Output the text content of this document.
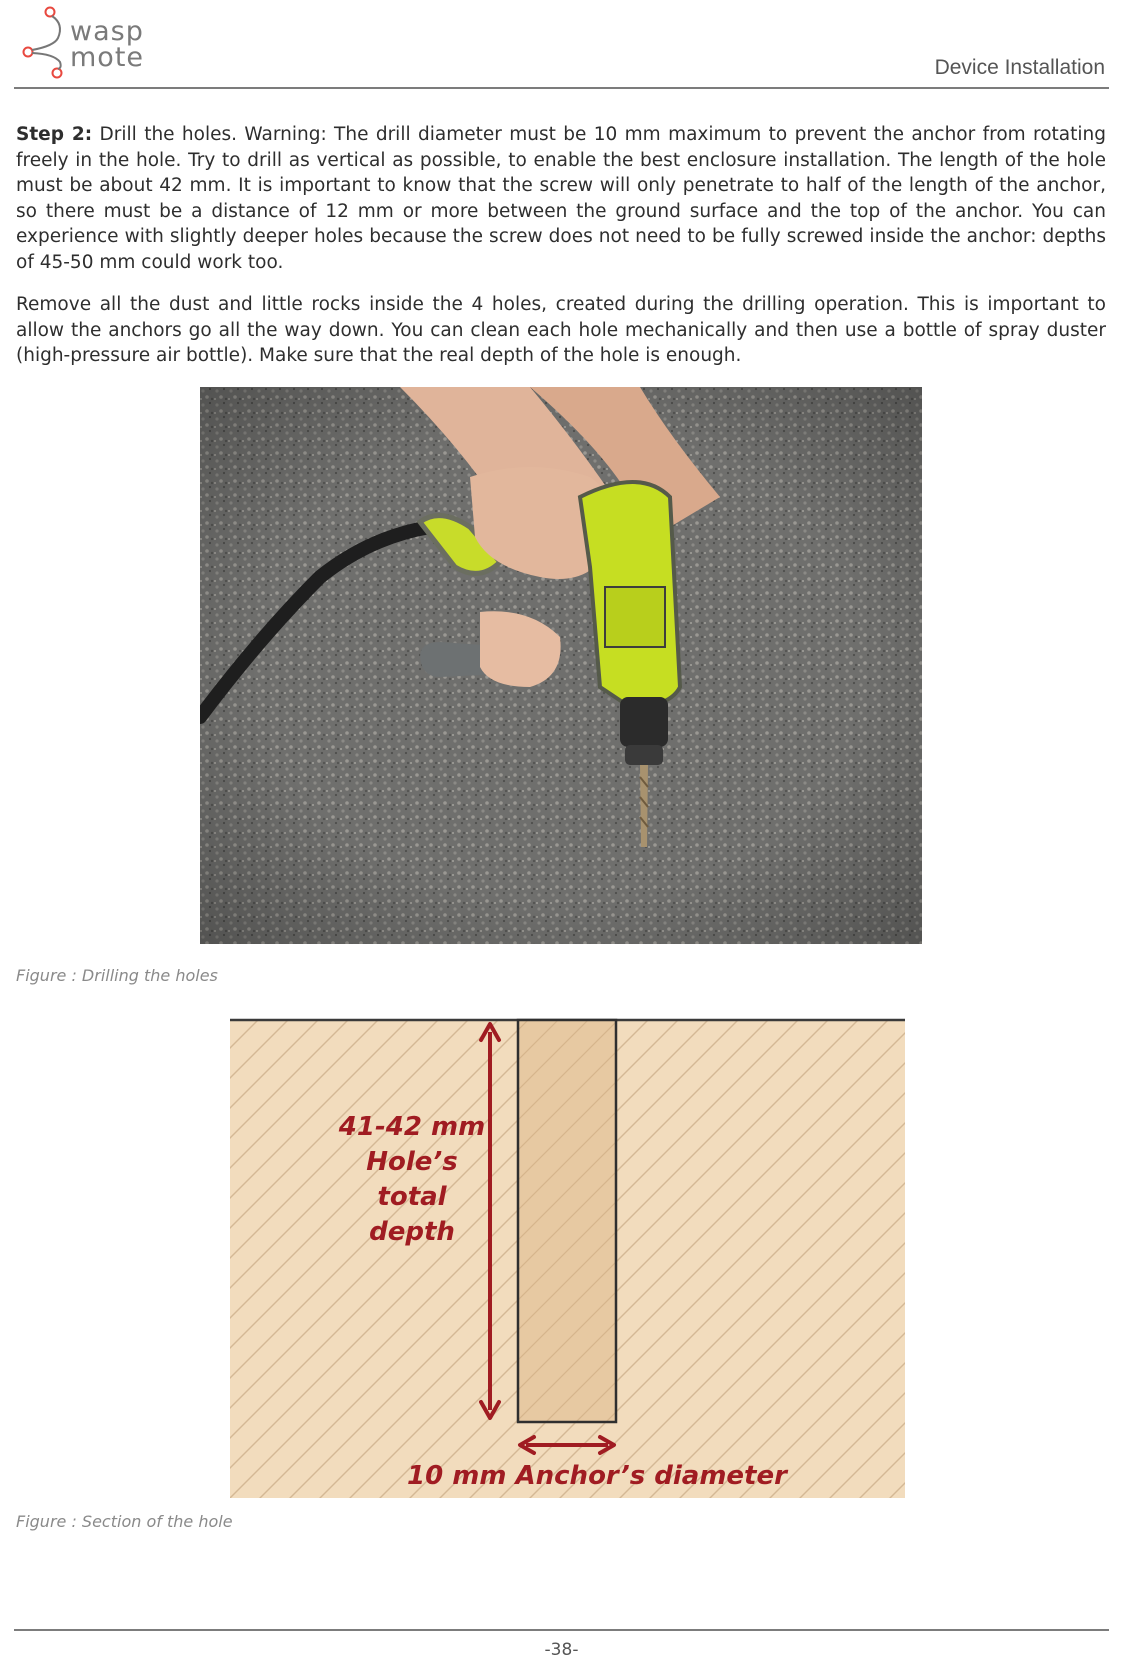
wasp
mote	Device Installation

Step 2: Drill the holes. Warning: The drill diameter must be 10 mm maximum to prevent the anchor from rotating freely in the hole. Try to drill as vertical as possible, to enable the best enclosure installation. The length of the hole must be about 42 mm. It is important to know that the screw will only penetrate to half of the length of the anchor, so there must be a distance of 12 mm or more between the ground surface and the top of the anchor. You can experience with slightly deeper holes because the screw does not need to be fully screwed inside the anchor: depths of 45-50 mm could work too.

Remove all the dust and little rocks inside the 4 holes, created during the drilling operation. This is important to allow the anchors go all the way down. You can clean each hole mechanically and then use a bottle of spray duster (high-pressure air bottle). Make sure that the real depth of the hole is enough.

Figure : Drilling the holes
41-42 mm
Hole’s
total
depth
10 mm Anchor’s diameter
Figure : Section of the hole
-38-
